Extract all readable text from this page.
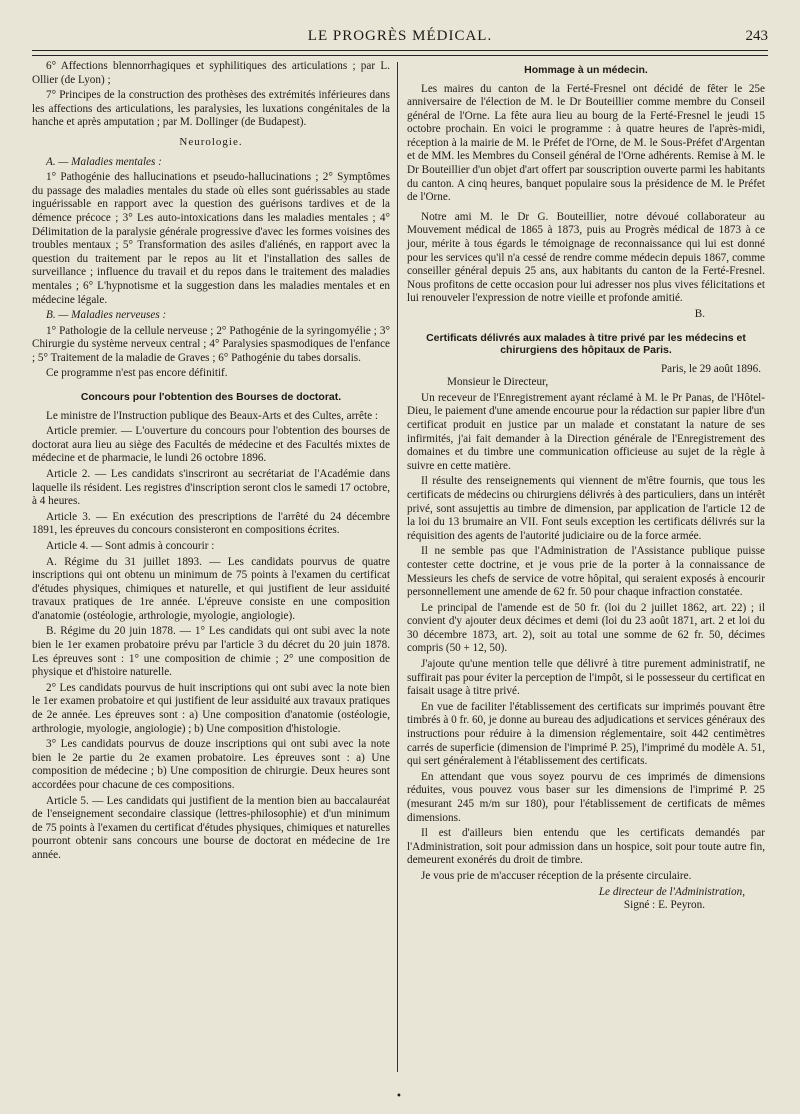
LE PROGRÈS MÉDICAL.	243

6° Affections blennorrhagiques et syphilitiques des articulations ; par L. Ollier (de Lyon) ;

7° Principes de la construction des prothèses des extrémités inférieures dans les affections des articulations, les paralysies, les luxations congénitales de la hanche et après amputation ; par M. Dollinger (de Budapest).

Neurologie.

A. — Maladies mentales :

1° Pathogénie des hallucinations et pseudo-hallucinations ; 2° Symptômes du passage des maladies mentales du stade où elles sont guérissables au stade inguérissable en rapport avec la question des guérisons tardives et de la démence précoce ; 3° Les auto-intoxications dans les maladies mentales ; 4° Délimitation de la paralysie générale progressive d'avec les formes voisines des troubles mentaux ; 5° Transformation des asiles d'aliénés, en rapport avec la question du traitement par le repos au lit et l'installation des salles de surveillance ; influence du travail et du repos dans le traitement des maladies mentales ; 6° L'hypnotisme et la suggestion dans les maladies mentales et en médecine légale.

B. — Maladies nerveuses :

1° Pathologie de la cellule nerveuse ; 2° Pathogénie de la syringomyélie ; 3° Chirurgie du système nerveux central ; 4° Paralysies spasmodiques de l'enfance ; 5° Traitement de la maladie de Graves ; 6° Pathogénie du tabes dorsalis.

Ce programme n'est pas encore définitif.

Concours pour l'obtention des Bourses de doctorat.

Le ministre de l'Instruction publique des Beaux-Arts et des Cultes, arrête :

Article premier. — L'ouverture du concours pour l'obtention des bourses de doctorat aura lieu au siège des Facultés de médecine et des Facultés mixtes de médecine et de pharmacie, le lundi 26 octobre 1896.

Article 2. — Les candidats s'inscriront au secrétariat de l'Académie dans laquelle ils résident. Les registres d'inscription seront clos le samedi 17 octobre, à 4 heures.

Article 3. — En exécution des prescriptions de l'arrêté du 24 décembre 1891, les épreuves du concours consisteront en compositions écrites.

Article 4. — Sont admis à concourir :

A. Régime du 31 juillet 1893. — Les candidats pourvus de quatre inscriptions qui ont obtenu un minimum de 75 points à l'examen du certificat d'études physiques, chimiques et naturelle, et qui justifient de leur assiduité travaux pratiques de 1re année. L'épreuve consiste en une composition d'anatomie (ostéologie, arthrologie, myologie, angiologie).

B. Régime du 20 juin 1878. — 1° Les candidats qui ont subi avec la note bien le 1er examen probatoire prévu par l'article 3 du décret du 20 juin 1878. Les épreuves sont : 1° une composition de chimie ; 2° une composition de physique et d'histoire naturelle.

2° Les candidats pourvus de huit inscriptions qui ont subi avec la note bien le 1er examen probatoire et qui justifient de leur assiduité aux travaux pratiques de 2e année. Les épreuves sont : a) Une composition d'anatomie (ostéologie, arthrologie, myologie, angiologie) ; b) Une composition d'histologie.

3° Les candidats pourvus de douze inscriptions qui ont subi avec la note bien le 2e partie du 2e examen probatoire. Les épreuves sont : a) Une composition de médecine ; b) Une composition de chirurgie. Deux heures sont accordées pour chacune de ces compositions.

Article 5. — Les candidats qui justifient de la mention bien au baccalauréat de l'enseignement secondaire classique (lettres-philosophie) et d'un minimum de 75 points à l'examen du certificat d'études physiques, chimiques et naturelles pourront obtenir sans concours une bourse de doctorat en médecine de 1re année.

Hommage à un médecin.

Les maires du canton de la Ferté-Fresnel ont décidé de fêter le 25e anniversaire de l'élection de M. le Dr Bouteillier comme membre du Conseil général de l'Orne. La fête aura lieu au bourg de la Ferté-Fresnel le jeudi 15 octobre prochain. En voici le programme : à quatre heures de l'après-midi, réception à la mairie de M. le Préfet de l'Orne, de M. le Sous-Préfet d'Argentan et de MM. les Membres du Conseil général de l'Orne adhérents. Remise à M. le Dr Bouteillier d'un objet d'art offert par souscription ouverte parmi les habitants du canton. A cinq heures, banquet populaire sous la présidence de M. le Préfet de l'Orne.

Notre ami M. le Dr G. Bouteillier, notre dévoué collaborateur au Mouvement médical de 1865 à 1873, puis au Progrès médical de 1873 à ce jour, mérite à tous égards le témoignage de reconnaissance qui lui est donné pour les services qu'il n'a cessé de rendre comme médecin depuis 1867, comme conseiller général depuis 25 ans, aux habitants du canton de la Ferté-Fresnel. Nous profitons de cette occasion pour lui adresser nos plus vives félicitations et lui renouveler l'expression de notre vieille et profonde amitié.

B.
Certificats délivrés aux malades à titre privé par les médecins et chirurgiens des hôpitaux de Paris.
Paris, le 29 août 1896.

Monsieur le Directeur,

Un receveur de l'Enregistrement ayant réclamé à M. le Pr Panas, de l'Hôtel-Dieu, le paiement d'une amende encourue pour la rédaction sur papier libre d'un certificat produit en justice par un malade et constatant la nature de ses infirmités, j'ai fait demander à la Direction générale de l'Enregistrement des domaines et du timbre une communication officieuse au sujet de la règle à suivre en cette matière.

Il résulte des renseignements qui viennent de m'être fournis, que tous les certificats de médecins ou chirurgiens délivrés à des particuliers, dans un intérêt privé, sont assujettis au timbre de dimension, par application de l'article 12 de la loi du 13 brumaire an VII. Font seuls exception les certificats délivrés sur la réquisition des agents de l'autorité judiciaire ou de la force armée.

Il ne semble pas que l'Administration de l'Assistance publique puisse contester cette doctrine, et je vous prie de la porter à la connaissance de Messieurs les chefs de service de votre hôpital, qui seraient exposés à encourir personnellement une amende de 62 fr. 50 pour chaque infraction constatée.

Le principal de l'amende est de 50 fr. (loi du 2 juillet 1862, art. 22) ; il convient d'y ajouter deux décimes et demi (loi du 23 août 1871, art. 2 et loi du 30 décembre 1873, art. 2), soit au total une somme de 62 fr. 50, décimes compris (50 + 12, 50).

J'ajoute qu'une mention telle que délivré à titre purement administratif, ne suffirait pas pour éviter la perception de l'impôt, si le possesseur du certificat en faisait usage à titre privé.

En vue de faciliter l'établissement des certificats sur imprimés pouvant être timbrés à 0 fr. 60, je donne au bureau des adjudications et services généraux des instructions pour réduire à la dimension réglementaire, soit 442 centimètres carrés de superficie (dimension de l'imprimé P. 25), l'imprimé du modèle A. 51, qui sert généralement à l'établissement des certificats.

En attendant que vous soyez pourvu de ces imprimés de dimensions réduites, vous pouvez vous baser sur les dimensions de l'imprimé P. 25 (mesurant 245 m/m sur 180), pour l'établissement de certificats de mêmes dimensions.

Il est d'ailleurs bien entendu que les certificats demandés par l'Administration, soit pour admission dans un hospice, soit pour toute autre fin, demeurent exonérés du droit de timbre.

Je vous prie de m'accuser réception de la présente circulaire.

Le directeur de l'Administration,
Signé : E. Peyron.
•
